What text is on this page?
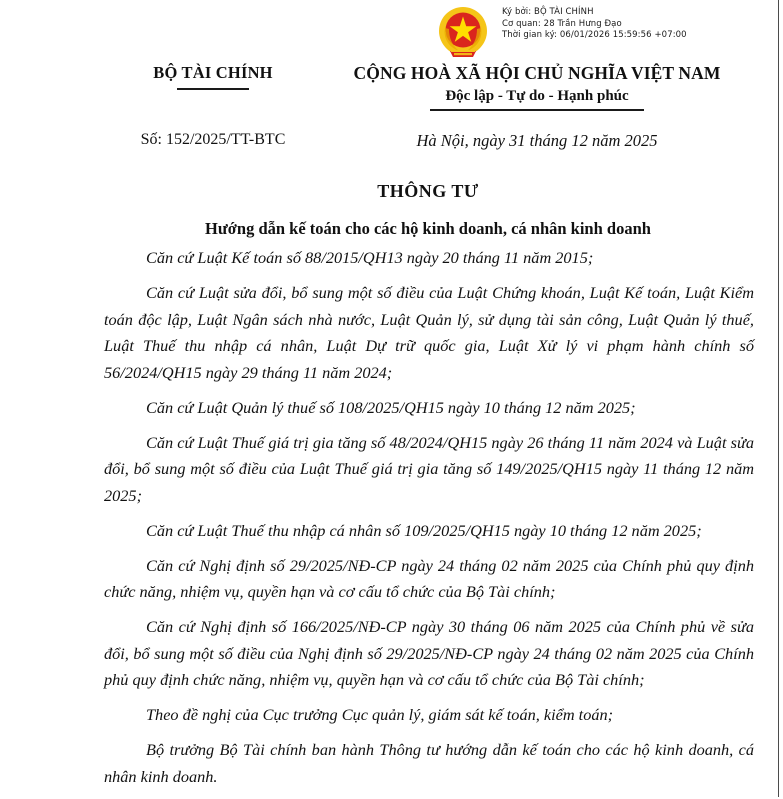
Ký bởi: BỘ TÀI CHÍNH
Cơ quan: 28 Trần Hưng Đạo
Thời gian ký: 06/01/2026 15:59:56 +07:00
BỘ TÀI CHÍNH	CỘNG HOÀ XÃ HỘI CHỦ NGHĨA VIỆT NAM
Độc lập - Tự do - Hạnh phúc
Số: 152/2025/TT-BTC	Hà Nội, ngày 31 tháng 12 năm 2025
THÔNG TƯ
Hướng dẫn kế toán cho các hộ kinh doanh, cá nhân kinh doanh

Căn cứ Luật Kế toán số 88/2015/QH13 ngày 20 tháng 11 năm 2015;

Căn cứ Luật sửa đổi, bổ sung một số điều của Luật Chứng khoán, Luật Kế toán, Luật Kiểm toán độc lập, Luật Ngân sách nhà nước, Luật Quản lý, sử dụng tài sản công, Luật Quản lý thuế, Luật Thuế thu nhập cá nhân, Luật Dự trữ quốc gia, Luật Xử lý vi phạm hành chính số 56/2024/QH15 ngày 29 tháng 11 năm 2024;

Căn cứ Luật Quản lý thuế số 108/2025/QH15 ngày 10 tháng 12 năm 2025;

Căn cứ Luật Thuế giá trị gia tăng số 48/2024/QH15 ngày 26 tháng 11 năm 2024 và Luật sửa đổi, bổ sung một số điều của Luật Thuế giá trị gia tăng số 149/2025/QH15 ngày 11 tháng 12 năm 2025;

Căn cứ Luật Thuế thu nhập cá nhân số 109/2025/QH15 ngày 10 tháng 12 năm 2025;

Căn cứ Nghị định số 29/2025/NĐ-CP ngày 24 tháng 02 năm 2025 của Chính phủ quy định chức năng, nhiệm vụ, quyền hạn và cơ cấu tổ chức của Bộ Tài chính;

Căn cứ Nghị định số 166/2025/NĐ-CP ngày 30 tháng 06 năm 2025 của Chính phủ về sửa đổi, bổ sung một số điều của Nghị định số 29/2025/NĐ-CP ngày 24 tháng 02 năm 2025 của Chính phủ quy định chức năng, nhiệm vụ, quyền hạn và cơ cấu tổ chức của Bộ Tài chính;

Theo đề nghị của Cục trưởng Cục quản lý, giám sát kế toán, kiểm toán;

Bộ trưởng Bộ Tài chính ban hành Thông tư hướng dẫn kế toán cho các hộ kinh doanh, cá nhân kinh doanh.
